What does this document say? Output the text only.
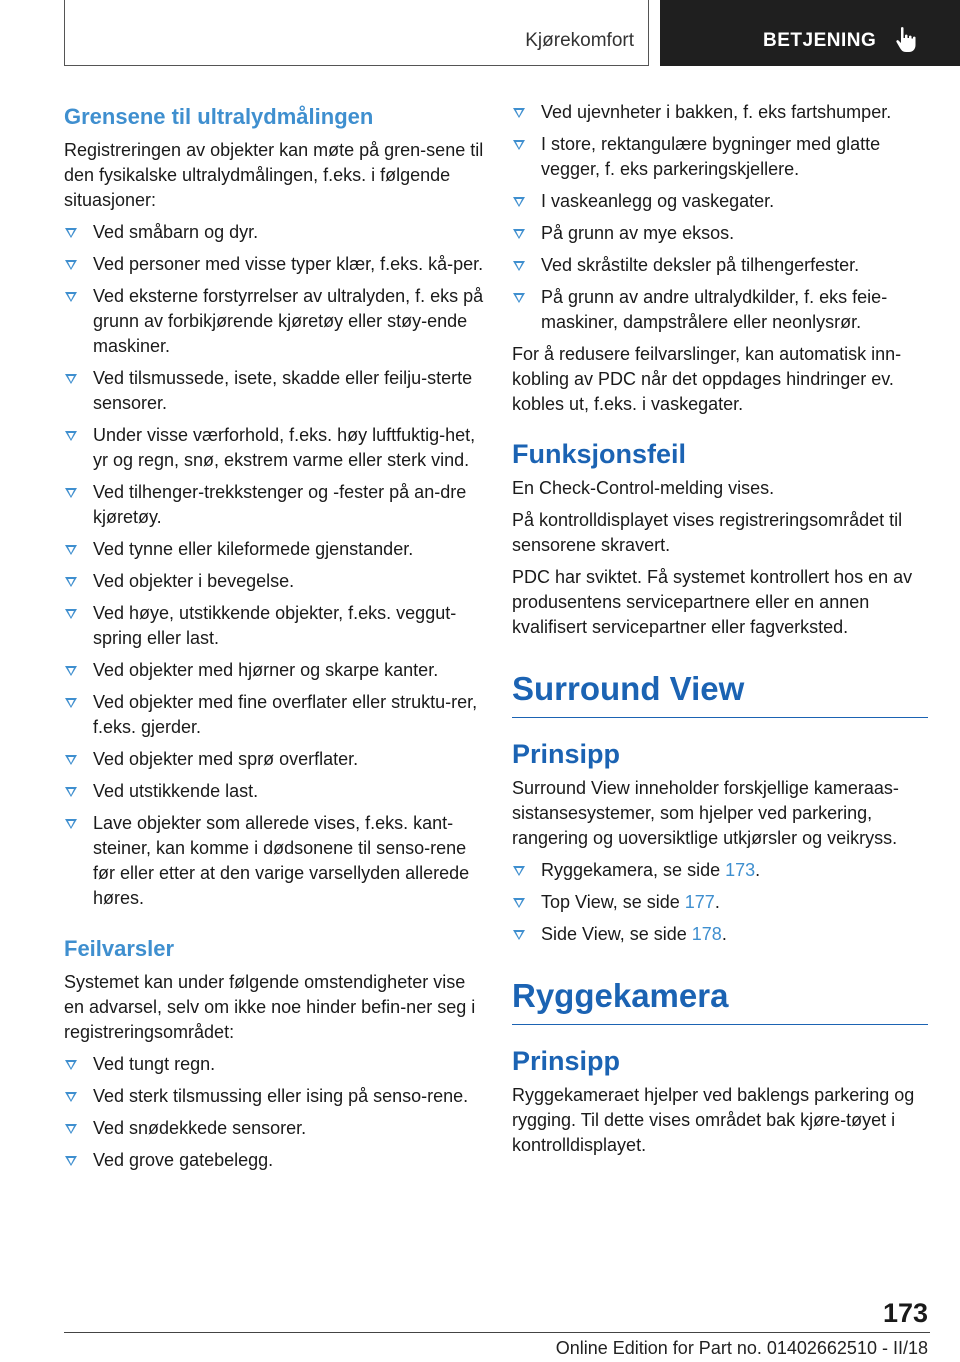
Kjørekomfort	BETJENING
Grensene til ultralydmålingen

Registreringen av objekter kan møte på gren-sene til den fysikalske ultralydmålingen, f.eks. i følgende situasjoner:

Ved småbarn og dyr.
Ved personer med visse typer klær, f.eks. kå-per.
Ved eksterne forstyrrelser av ultralyden, f. eks på grunn av forbikjørende kjøretøy eller støy-ende maskiner.
Ved tilsmussede, isete, skadde eller feilju-sterte sensorer.
Under visse værforhold, f.eks. høy luftfuktig-het, yr og regn, snø, ekstrem varme eller sterk vind.
Ved tilhenger-trekkstenger og -fester på an-dre kjøretøy.
Ved tynne eller kileformede gjenstander.
Ved objekter i bevegelse.
Ved høye, utstikkende objekter, f.eks. veggut-spring eller last.
Ved objekter med hjørner og skarpe kanter.
Ved objekter med fine overflater eller struktu-rer, f.eks. gjerder.
Ved objekter med sprø overflater.
Ved utstikkende last.
Lave objekter som allerede vises, f.eks. kant-steiner, kan komme i dødsonene til senso-rene før eller etter at den varige varsellyden allerede høres.
Feilvarsler

Systemet kan under følgende omstendigheter vise en advarsel, selv om ikke noe hinder befin-ner seg i registreringsområdet:

Ved tungt regn.
Ved sterk tilsmussing eller ising på senso-rene.
Ved snødekkede sensorer.
Ved grove gatebelegg.
Ved ujevnheter i bakken, f. eks fartshumper.
I store, rektangulære bygninger med glatte vegger, f. eks parkeringskjellere.
I vaskeanlegg og vaskegater.
På grunn av mye eksos.
Ved skråstilte deksler på tilhengerfester.
På grunn av andre ultralydkilder, f. eks feie-maskiner, dampstrålere eller neonlysrør.

For å redusere feilvarslinger, kan automatisk inn-kobling av PDC når det oppdages hindringer ev. kobles ut, f.eks. i vaskegater.

Funksjonsfeil

En Check-Control-melding vises.

På kontrolldisplayet vises registreringsområdet til sensorene skravert.

PDC har sviktet. Få systemet kontrollert hos en av produsentens servicepartnere eller en annen kvalifisert servicepartner eller fagverksted.

Surround View
Prinsipp

Surround View inneholder forskjellige kameraas-sistansesystemer, som hjelper ved parkering, rangering og uoversiktlige utkjørsler og veikryss.

Ryggekamera, se side 173.
Top View, se side 177.
Side View, se side 178.
Ryggekamera
Prinsipp

Ryggekameraet hjelper ved baklengs parkering og rygging. Til dette vises området bak kjøre-tøyet i kontrolldisplayet.

173
Online Edition for Part no. 01402662510 - II/18
